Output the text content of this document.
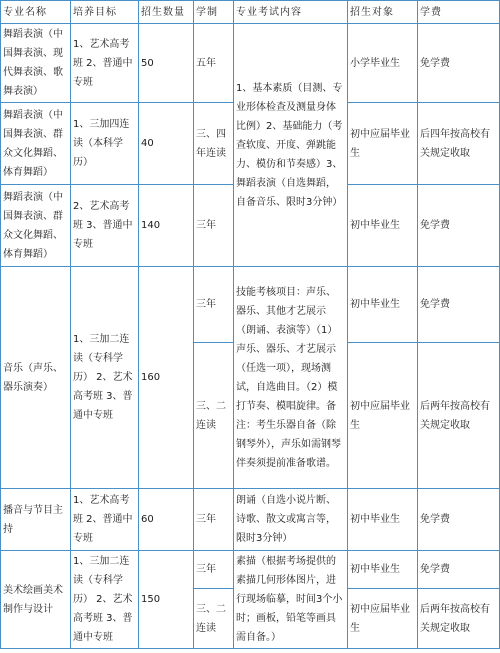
专业名称	培养目标	招生数量	学制	专业考试内容	招生对象	学费
舞蹈表演（中国舞表演、现代舞表演、歌舞表演）	1、艺术高考班 2、普通中专班	50	五年	1、基本素质（目测、专业形体检查及测量身体比例）2、基础能力（考查软度、开度、弹跳能力、模仿和节奏感）3、舞蹈表演（自选舞蹈，自备音乐、限时3分钟）	小学毕业生	免学费
舞蹈表演（中国舞表演、群众文化舞蹈、体育舞蹈）	1、三加四连读（本科学历）	40	三、四年连读		初中应届毕业生	后四年按高校有关规定收取
舞蹈表演（中国舞表演、群众文化舞蹈、体育舞蹈）	2、艺术高考班 3、普通中专班	140	三年		初中毕业生	免学费
音乐（声乐、器乐演奏）	1、三加二连读（专科学历） 2、艺术高考班 3、普通中专班	160	三年	技能考核项目：声乐、器乐、其他才艺展示（朗诵、表演等）（1）声乐、器乐、才艺展示（任选一项），现场测试，自选曲目。（2）模打节奏、模唱旋律。备注：考生乐器自备（除钢琴外），声乐如需钢琴伴奏须提前准备歌谱。	初中毕业生	免学费
			三、二连读		初中应届毕业生	后两年按高校有关规定收取
播音与节目主持	1、艺术高考班 2、普通中专班	60	三年	朗诵（自选小说片断、诗歌、散文或寓言等，限时3分钟）	初中毕业生	免学费
美术绘画美术制作与设计	1、三加二连读（专科学历） 2、艺术高考班 3、普通中专班	150	三年	素描（根据考场提供的素描几何形体图片，进行现场临摹，时间3个小时；画板，铅笔等画具需自备。）	初中毕业生	免学费
			三、二连读		初中应届毕业生	后两年按高校有关规定收取
